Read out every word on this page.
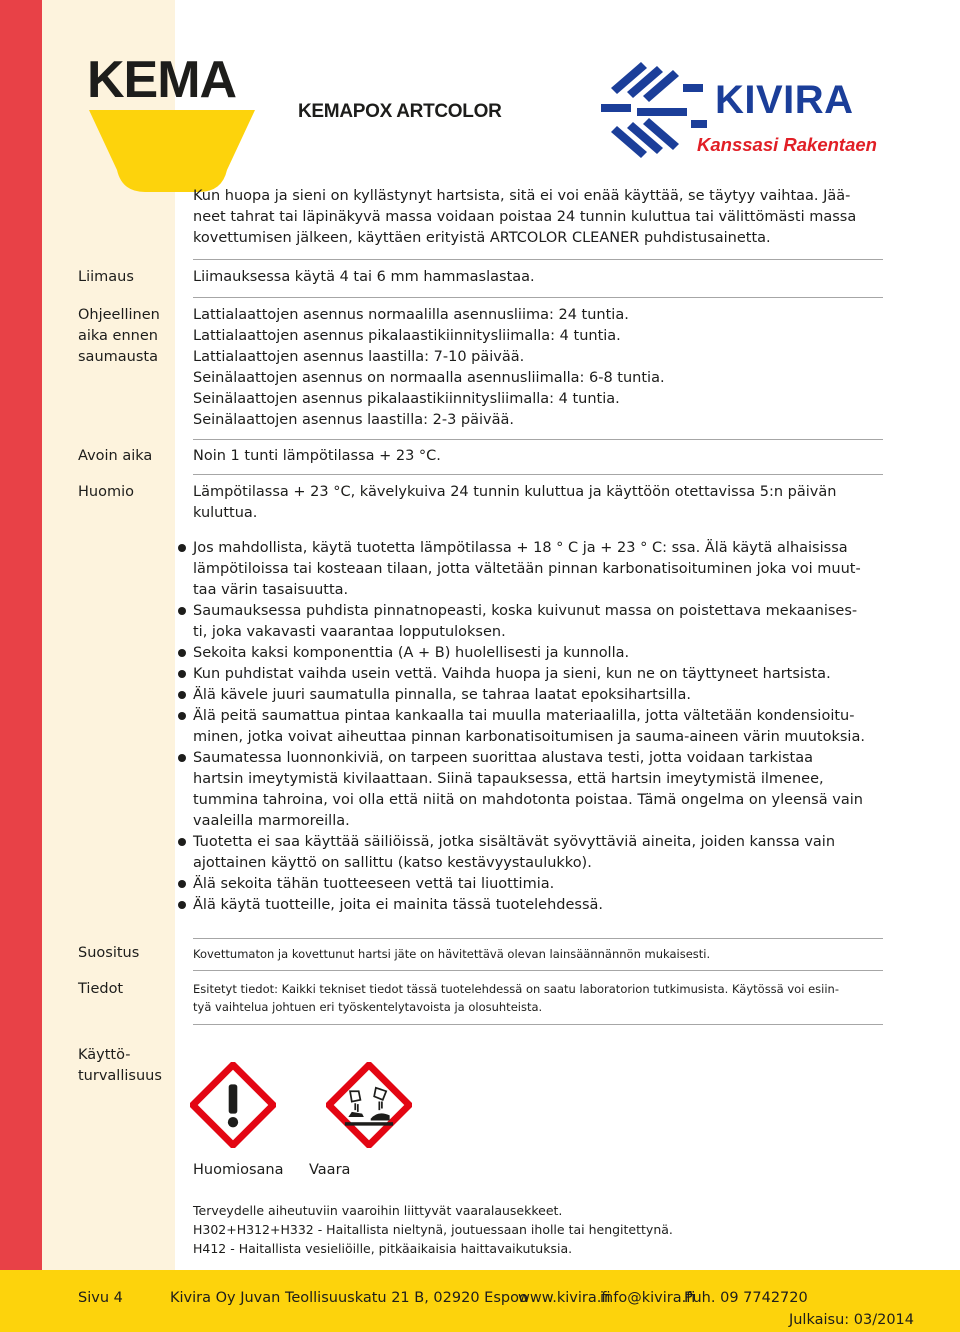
KEMA
KEMAPOX ARTCOLOR	KIVIRA
Kanssasi Rakentaen
Kun huopa ja sieni on kyllästynyt hartsista, sitä ei voi enää käyttää, se täytyy vaihtaa. Jää-
neet tahrat tai läpinäkyvä massa voidaan poistaa 24 tunnin kuluttua tai välittömästi massa
kovettumisen jälkeen, käyttäen erityistä ARTCOLOR CLEANER puhdistusainetta.
Liimaus	Liimauksessa käytä 4 tai 6 mm hammaslastaa.
Ohjeellinen
aika ennen
saumausta
Lattialaattojen asennus normaalilla asennusliima: 24 tuntia.
Lattialaattojen asennus pikalaastikiinnitysliimalla: 4 tuntia.
Lattialaattojen asennus laastilla: 7-10 päivää.
Seinälaattojen asennus on normaalla asennusliimalla: 6-8 tuntia.
Seinälaattojen asennus pikalaastikiinnitysliimalla: 4 tuntia.
Seinälaattojen asennus laastilla: 2-3 päivää.
Avoin aika	Noin 1 tunti lämpötilassa + 23 °C.
Huomio	Lämpötilassa + 23 °C, kävelykuiva 24 tunnin kuluttua ja käyttöön otettavissa 5:n päivän
kuluttua.
Jos mahdollista, käytä tuotetta lämpötilassa + 18 ° C ja + 23 ° C: ssa. Älä käytä alhaisissa
lämpötiloissa tai kosteaan tilaan, jotta vältetään pinnan karbonatisoituminen joka voi muut-
taa värin tasaisuutta.
Saumauksessa puhdista pinnatnopeasti, koska kuivunut massa on poistettava mekaanises-
ti, joka vakavasti vaarantaa lopputuloksen.
Sekoita kaksi komponenttia (A + B) huolellisesti ja kunnolla.
Kun puhdistat vaihda usein vettä. Vaihda huopa ja sieni, kun ne on täyttyneet hartsista.
Älä kävele juuri saumatulla pinnalla, se tahraa laatat epoksihartsilla.
Älä peitä saumattua pintaa kankaalla tai muulla materiaalilla, jotta vältetään kondensioitu-
minen, jotka voivat aiheuttaa pinnan karbonatisoitumisen ja sauma-aineen värin muutoksia.
Saumatessa luonnonkiviä, on tarpeen suorittaa alustava testi, jotta voidaan tarkistaa
hartsin imeytymistä kivilaattaan. Siinä tapauksessa, että hartsin imeytymistä ilmenee,
tummina tahroina, voi olla että niitä on mahdotonta poistaa. Tämä ongelma on yleensä vain
vaaleilla marmoreilla.
Tuotetta ei saa käyttää säiliöissä, jotka sisältävät syövyttäviä aineita, joiden kanssa vain
ajottainen käyttö on sallittu (katso kestävyystaulukko).
Älä sekoita tähän tuotteeseen vettä tai liuottimia.
Älä käytä tuotteille, joita ei mainita tässä tuotelehdessä.
Suositus	Kovettumaton ja kovettunut hartsi jäte on hävitettävä olevan lainsäännännön mukaisesti.
Tiedot	Esitetyt tiedot: Kaikki tekniset tiedot tässä tuotelehdessä on saatu laboratorion tutkimusista. Käytössä voi esiin-
tyä vaihtelua johtuen eri työskentelytavoista ja olosuhteista.
Käyttö-
turvallisuus
Huomiosana Vaara
Terveydelle aiheutuviin vaaroihin liittyvät vaaralausekkeet.
H302+H312+H332 - Haitallista nieltynä, joutuessaan iholle tai hengitettynä.
H412 - Haitallista vesieliöille, pitkäaikaisia haittavaikutuksia.
Sivu 4	Kivira Oy Juvan Teollisuuskatu 21 B, 02920 Espoo
www.kivira.fi
info@kivira.fi
Puh. 09 7742720
Julkaisu: 03/2014
